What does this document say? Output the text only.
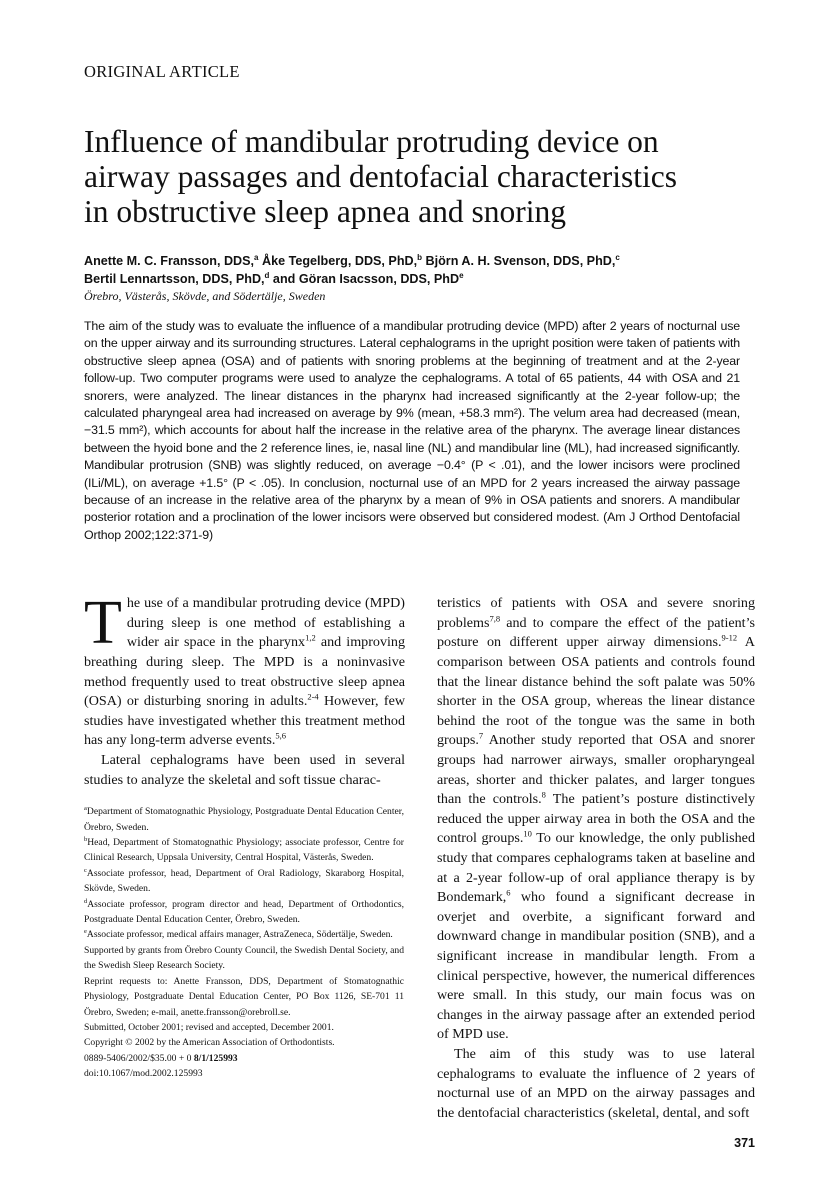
ORIGINAL ARTICLE
Influence of mandibular protruding device on
airway passages and dentofacial characteristics
in obstructive sleep apnea and snoring
Anette M. C. Fransson, DDS,$^a$ Åke Tegelberg, DDS, PhD,$^b$ Björn A. H. Svenson, DDS, PhD,$^c$
Bertil Lennartsson, DDS, PhD,$^d$ and Göran Isacsson, DDS, PhD$^e$
Örebro, Västerås, Skövde, and Södertälje, Sweden

The aim of the study was to evaluate the influence of a mandibular protruding device (MPD) after 2 years of nocturnal use on the upper airway and its surrounding structures. Lateral cephalograms in the upright position were taken of patients with obstructive sleep apnea (OSA) and of patients with snoring problems at the beginning of treatment and at the 2-year follow-up. Two computer programs were used to analyze the cephalograms. A total of 65 patients, 44 with OSA and 21 snorers, were analyzed. The linear distances in the pharynx had increased significantly at the 2-year follow-up; the calculated pharyngeal area had increased on average by 9% (mean, +58.3 mm²). The velum area had decreased (mean, −31.5 mm²), which accounts for about half the increase in the relative area of the pharynx. The average linear distances between the hyoid bone and the 2 reference lines, ie, nasal line (NL) and mandibular line (ML), had increased significantly. Mandibular protrusion (SNB) was slightly reduced, on average −0.4° (P < .01), and the lower incisors were proclined (ILi/ML), on average +1.5° (P < .05). In conclusion, nocturnal use of an MPD for 2 years increased the airway passage because of an increase in the relative area of the pharynx by a mean of 9% in OSA patients and snorers. A mandibular posterior rotation and a proclination of the lower incisors were observed but considered modest. (Am J Orthod Dentofacial Orthop 2002;122:371-9)

The use of a mandibular protruding device (MPD) during sleep is one method of establishing a wider air space in the pharynx$^{1,2}$ and improving breathing during sleep. The MPD is a noninvasive method frequently used to treat obstructive sleep apnea (OSA) or disturbing snoring in adults.$^{2-4}$ However, few studies have investigated whether this treatment method has any long-term adverse events.$^{5,6}$

Lateral cephalograms have been used in several studies to analyze the skeletal and soft tissue charac-

$^a$Department of Stomatognathic Physiology, Postgraduate Dental Education Center, Örebro, Sweden.
$^b$Head, Department of Stomatognathic Physiology; associate professor, Centre for Clinical Research, Uppsala University, Central Hospital, Västerås, Sweden.
$^c$Associate professor, head, Department of Oral Radiology, Skaraborg Hospital, Skövde, Sweden.
$^d$Associate professor, program director and head, Department of Orthodontics, Postgraduate Dental Education Center, Örebro, Sweden.
$^e$Associate professor, medical affairs manager, AstraZeneca, Södertälje, Sweden.
Supported by grants from Örebro County Council, the Swedish Dental Society, and the Swedish Sleep Research Society.
Reprint requests to: Anette Fransson, DDS, Department of Stomatognathic Physiology, Postgraduate Dental Education Center, PO Box 1126, SE-701 11 Örebro, Sweden; e-mail, anette.fransson@orebroll.se.
Submitted, October 2001; revised and accepted, December 2001.
Copyright © 2002 by the American Association of Orthodontists.
0889-5406/2002/$35.00 + 0 8/1/125993
doi:10.1067/mod.2002.125993

teristics of patients with OSA and severe snoring problems$^{7,8}$ and to compare the effect of the patient’s posture on different upper airway dimensions.$^{9-12}$ A comparison between OSA patients and controls found that the linear distance behind the soft palate was 50% shorter in the OSA group, whereas the linear distance behind the root of the tongue was the same in both groups.$^7$ Another study reported that OSA and snorer groups had narrower airways, smaller oropharyngeal areas, shorter and thicker palates, and larger tongues than the controls.$^8$ The patient’s posture distinctively reduced the upper airway area in both the OSA and the control groups.$^{10}$ To our knowledge, the only published study that compares cephalograms taken at baseline and at a 2-year follow-up of oral appliance therapy is by Bondemark,$^6$ who found a significant decrease in overjet and overbite, a significant forward and downward change in mandibular position (SNB), and a significant increase in mandibular length. From a clinical perspective, however, the numerical differences were small. In this study, our main focus was on changes in the airway passage after an extended period of MPD use.

The aim of this study was to use lateral cephalograms to evaluate the influence of 2 years of nocturnal use of an MPD on the airway passages and the dentofacial characteristics (skeletal, dental, and soft

371
